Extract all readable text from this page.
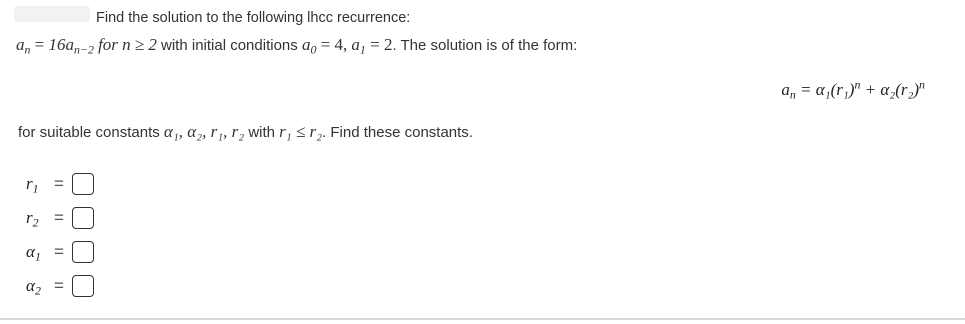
Find the solution to the following lhcc recurrence:
$a_n = 16a_{n-2}$ for n ≥ 2 with initial conditions $a_0 = 4$, $a_1 = 2$. The solution is of the form:
$a_n = \alpha_1(r_1)^n + \alpha_2(r_2)^n$
for suitable constants α₁, α₂, r₁, r₂ with r₁ ≤ r₂. Find these constants.
$r_1$ =
$r_2$ =
$\alpha_1$ =
$\alpha_2$ =
